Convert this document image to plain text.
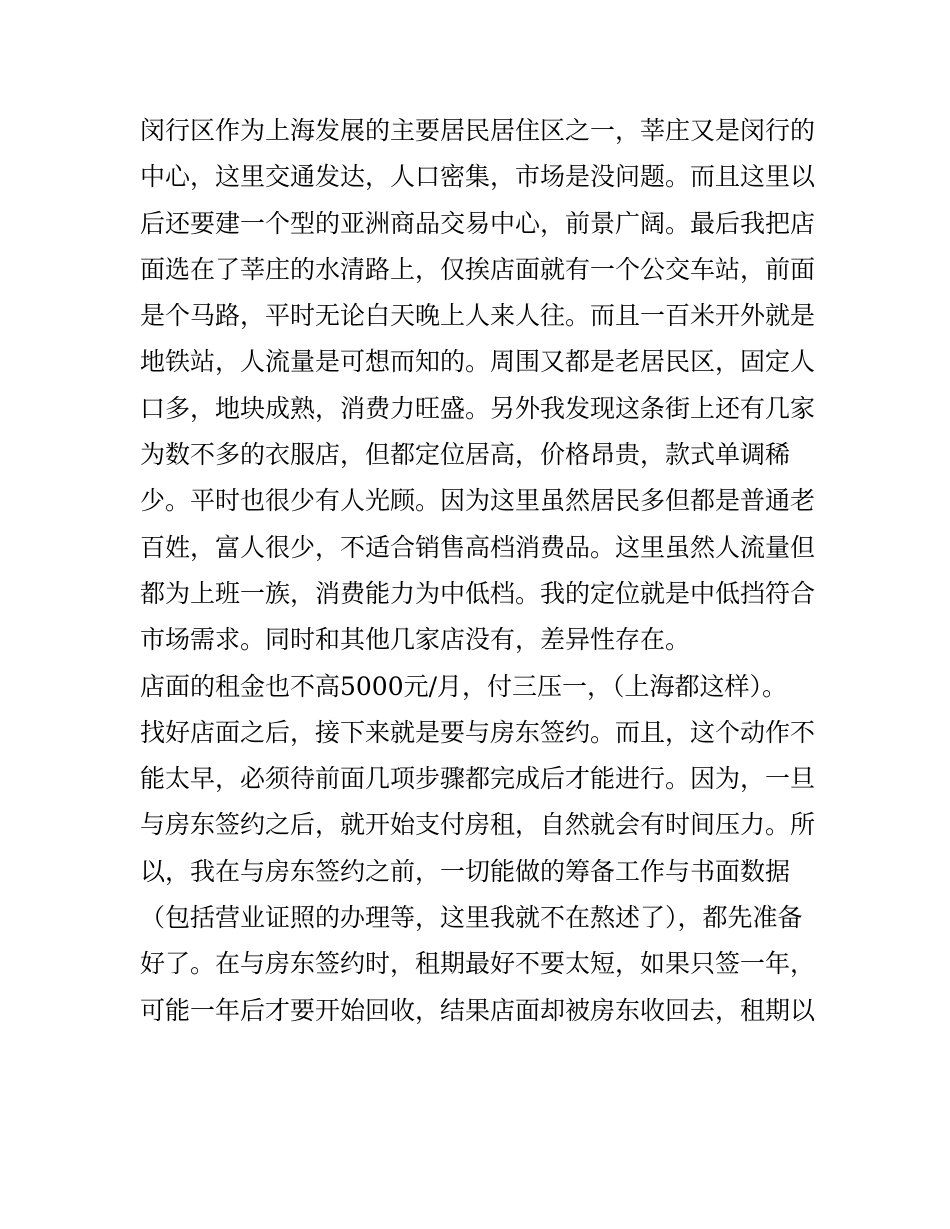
闵行区作为上海发展的主要居民居住区之一，莘庄又是闵行的
中心，这里交通发达，人口密集，市场是没问题。而且这里以
后还要建一个型的亚洲商品交易中心，前景广阔。最后我把店
面选在了莘庄的水清路上，仅挨店面就有一个公交车站，前面
是个马路，平时无论白天晚上人来人往。而且一百米开外就是
地铁站，人流量是可想而知的。周围又都是老居民区，固定人
口多，地块成熟，消费力旺盛。另外我发现这条街上还有几家
为数不多的衣服店，但都定位居高，价格昂贵，款式单调稀
少。平时也很少有人光顾。因为这里虽然居民多但都是普通老
百姓，富人很少，不适合销售高档消费品。这里虽然人流量但
都为上班一族，消费能力为中低档。我的定位就是中低挡符合
市场需求。同时和其他几家店没有，差异性存在。
店面的租金也不高5000元/月，付三压一，（上海都这样）。
找好店面之后，接下来就是要与房东签约。而且，这个动作不
能太早，必须待前面几项步骤都完成后才能进行。因为，一旦
与房东签约之后，就开始支付房租，自然就会有时间压力。所
以，我在与房东签约之前，一切能做的筹备工作与书面数据
（包括营业证照的办理等，这里我就不在熬述了），都先准备
好了。在与房东签约时，租期最好不要太短，如果只签一年，
可能一年后才要开始回收，结果店面却被房东收回去，租期以
